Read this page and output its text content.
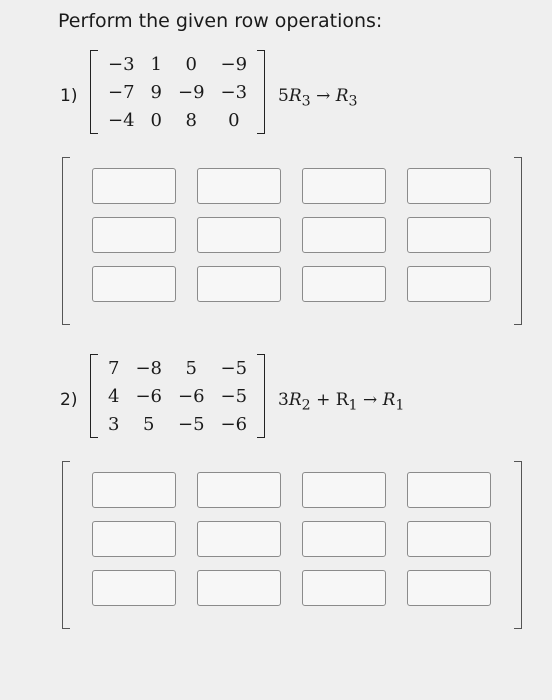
Perform the given row operations:
1)
−3	1	0	−9
−7	9	−9	−3
−4	0	8	0
$5R_3 \to R_3$
2)
7	−8	5	−5
4	−6	−6	−5
3	5	−5	−6
$3R_2 + R_1 \to R_1$
